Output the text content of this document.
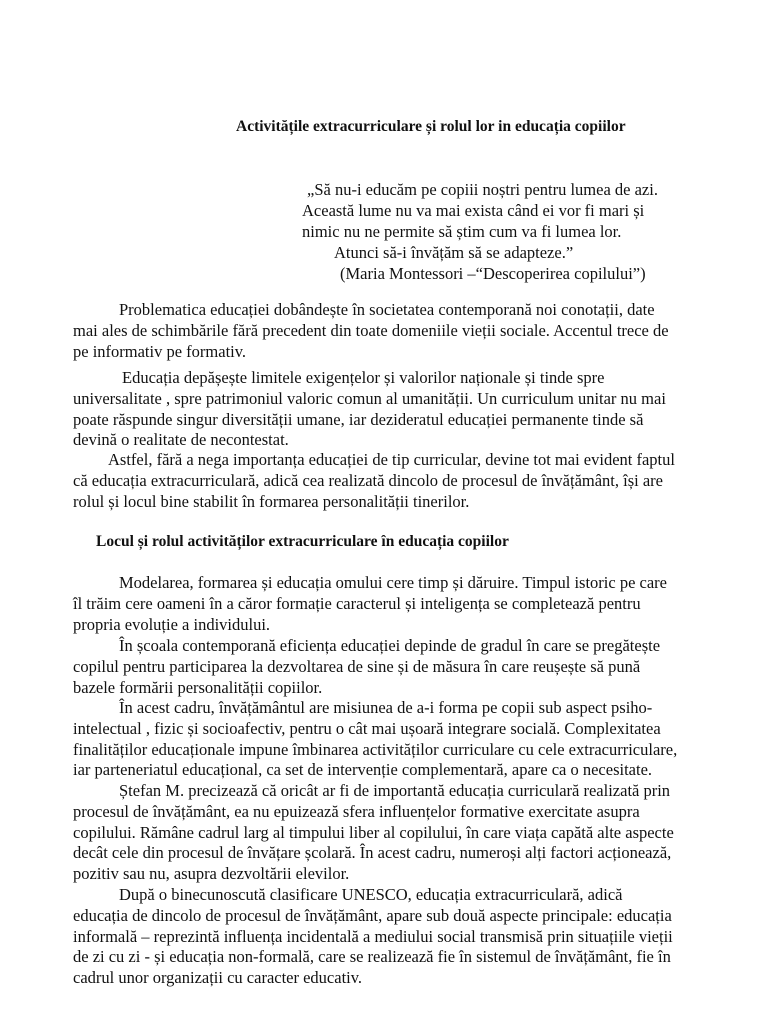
Activitățile extracurriculare și rolul lor in educația copiilor
„Să nu-i educăm pe copiii noștri pentru lumea de azi.
Această lume nu va mai exista când ei vor fi mari și
nimic nu ne permite să știm cum va fi lumea lor.
Atunci să-i învățăm să se adapteze.”
(Maria Montessori –“Descoperirea copilului”)

Problematica educației dobândește în societatea contemporană noi conotații, date
mai ales de schimbările fără precedent din toate domeniile vieții sociale. Accentul trece de
pe informativ pe formativ.

Educația depășește limitele exigențelor și valorilor naționale și tinde spre
universalitate , spre patrimoniul valoric comun al umanității. Un curriculum unitar nu mai
poate răspunde singur diversității umane, iar dezideratul educației permanente tinde să
devină o realitate de necontestat.

Astfel, fără a nega importanța educației de tip curricular, devine tot mai evident faptul
că educația extracurriculară, adică cea realizată dincolo de procesul de învățământ, își are
rolul și locul bine stabilit în formarea personalității tinerilor.

Locul și rolul activităților extracurriculare în educația copiilor

Modelarea, formarea și educația omului cere timp și dăruire. Timpul istoric pe care
îl trăim cere oameni în a căror formație caracterul și inteligența se completează pentru
propria evoluție a individului.

În școala contemporană eficiența educației depinde de gradul în care se pregătește
copilul pentru participarea la dezvoltarea de sine și de măsura în care reușește să pună
bazele formării personalității copiilor.

În acest cadru, învățământul are misiunea de a-i forma pe copii sub aspect psiho-
intelectual , fizic și socioafectiv, pentru o cât mai ușoară integrare socială. Complexitatea
finalităților educaționale impune îmbinarea activităților curriculare cu cele extracurriculare,
iar parteneriatul educațional, ca set de intervenție complementară, apare ca o necesitate.

Ștefan M. precizează că oricât ar fi de importantă educația curriculară realizată prin
procesul de învățământ, ea nu epuizează sfera influențelor formative exercitate asupra
copilului. Rămâne cadrul larg al timpului liber al copilului, în care viața capătă alte aspecte
decât cele din procesul de învățare școlară. În acest cadru, numeroși alți factori acționează,
pozitiv sau nu, asupra dezvoltării elevilor.

După o binecunoscută clasificare UNESCO, educația extracurriculară, adică
educația de dincolo de procesul de învățământ, apare sub două aspecte principale: educația
informală – reprezintă influența incidentală a mediului social transmisă prin situațiile vieții
de zi cu zi - și educația non-formală, care se realizează fie în sistemul de învățământ, fie în
cadrul unor organizații cu caracter educativ.
